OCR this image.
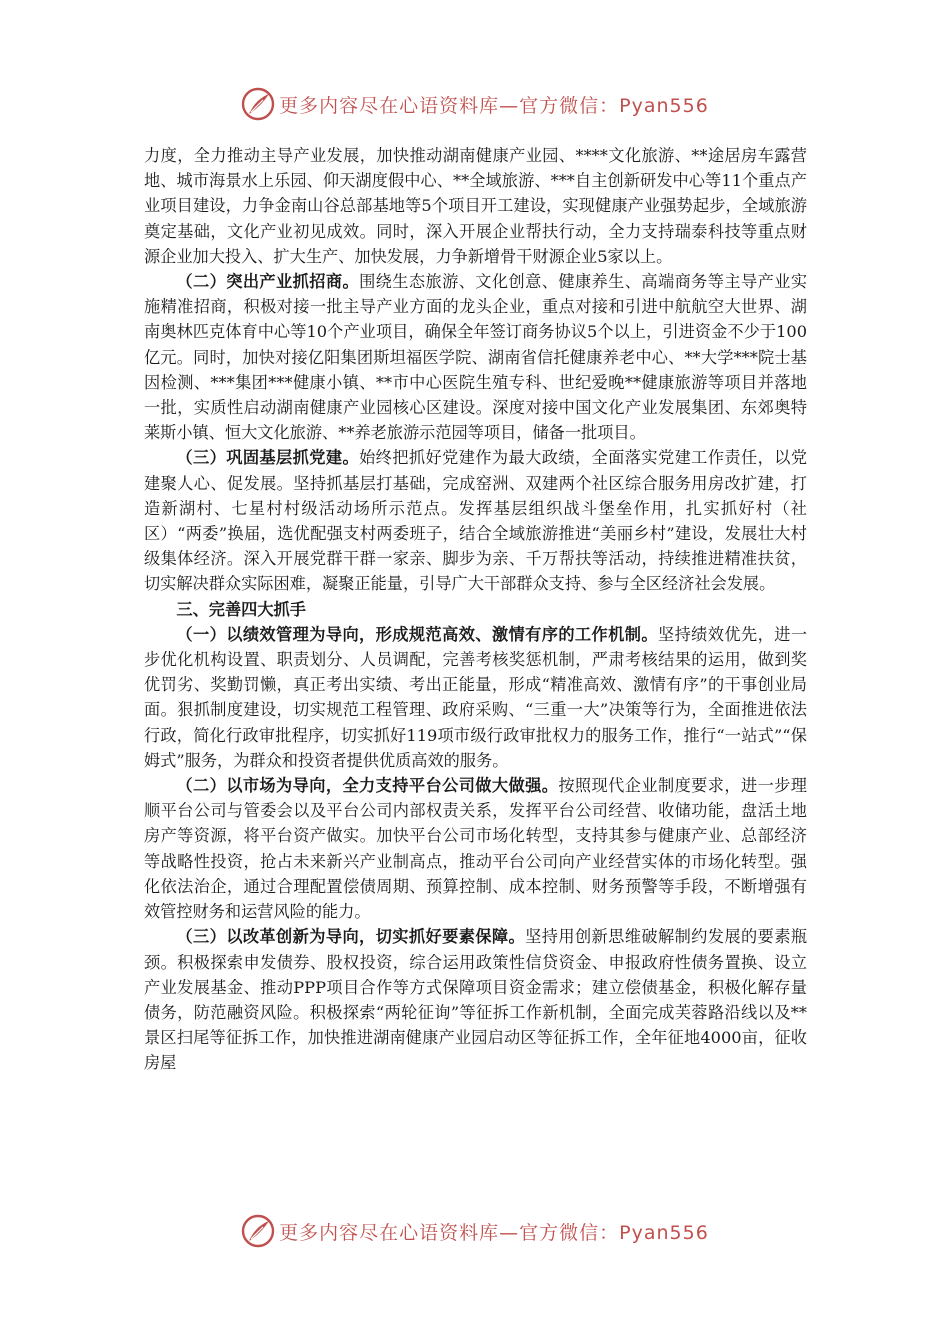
更多内容尽在心语资料库—官方微信：Pyan556

力度，全力推动主导产业发展，加快推动湖南健康产业园、****文化旅游、**途居房车露营地、城市海景水上乐园、仰天湖度假中心、**全域旅游、***自主创新研发中心等11个重点产业项目建设，力争金南山谷总部基地等5个项目开工建设，实现健康产业强势起步，全域旅游奠定基础，文化产业初见成效。同时，深入开展企业帮扶行动，全力支持瑞泰科技等重点财源企业加大投入、扩大生产、加快发展，力争新增骨干财源企业5家以上。

（二）突出产业抓招商。围绕生态旅游、文化创意、健康养生、高端商务等主导产业实施精准招商，积极对接一批主导产业方面的龙头企业，重点对接和引进中航航空大世界、湖南奥林匹克体育中心等10个产业项目，确保全年签订商务协议5个以上，引进资金不少于100亿元。同时，加快对接亿阳集团斯坦福医学院、湖南省信托健康养老中心、**大学***院士基因检测、***集团***健康小镇、**市中心医院生殖专科、世纪爱晚**健康旅游等项目并落地一批，实质性启动湖南健康产业园核心区建设。深度对接中国文化产业发展集团、东郊奥特莱斯小镇、恒大文化旅游、**养老旅游示范园等项目，储备一批项目。

（三）巩固基层抓党建。始终把抓好党建作为最大政绩，全面落实党建工作责任，以党建聚人心、促发展。坚持抓基层打基础，完成窑洲、双建两个社区综合服务用房改扩建，打造新湖村、七星村村级活动场所示范点。发挥基层组织战斗堡垒作用，扎实抓好村（社区）“两委”换届，选优配强支村两委班子，结合全域旅游推进“美丽乡村”建设，发展壮大村级集体经济。深入开展党群干群一家亲、脚步为亲、千万帮扶等活动，持续推进精准扶贫，切实解决群众实际困难，凝聚正能量，引导广大干部群众支持、参与全区经济社会发展。

三、完善四大抓手

（一）以绩效管理为导向，形成规范高效、激情有序的工作机制。坚持绩效优先，进一步优化机构设置、职责划分、人员调配，完善考核奖惩机制，严肃考核结果的运用，做到奖优罚劣、奖勤罚懒，真正考出实绩、考出正能量，形成“精准高效、激情有序”的干事创业局面。狠抓制度建设，切实规范工程管理、政府采购、“三重一大”决策等行为，全面推进依法行政，简化行政审批程序，切实抓好119项市级行政审批权力的服务工作，推行“一站式”“保姆式”服务，为群众和投资者提供优质高效的服务。

（二）以市场为导向，全力支持平台公司做大做强。按照现代企业制度要求，进一步理顺平台公司与管委会以及平台公司内部权责关系，发挥平台公司经营、收储功能，盘活土地房产等资源，将平台资产做实。加快平台公司市场化转型，支持其参与健康产业、总部经济等战略性投资，抢占未来新兴产业制高点，推动平台公司向产业经营实体的市场化转型。强化依法治企，通过合理配置偿债周期、预算控制、成本控制、财务预警等手段，不断增强有效管控财务和运营风险的能力。

（三）以改革创新为导向，切实抓好要素保障。坚持用创新思维破解制约发展的要素瓶颈。积极探索申发债券、股权投资，综合运用政策性信贷资金、申报政府性债务置换、设立产业发展基金、推动PPP项目合作等方式保障项目资金需求；建立偿债基金，积极化解存量债务，防范融资风险。积极探索“两轮征询”等征拆工作新机制，全面完成芙蓉路沿线以及**景区扫尾等征拆工作，加快推进湖南健康产业园启动区等征拆工作，全年征地4000亩，征收房屋

更多内容尽在心语资料库—官方微信：Pyan556
